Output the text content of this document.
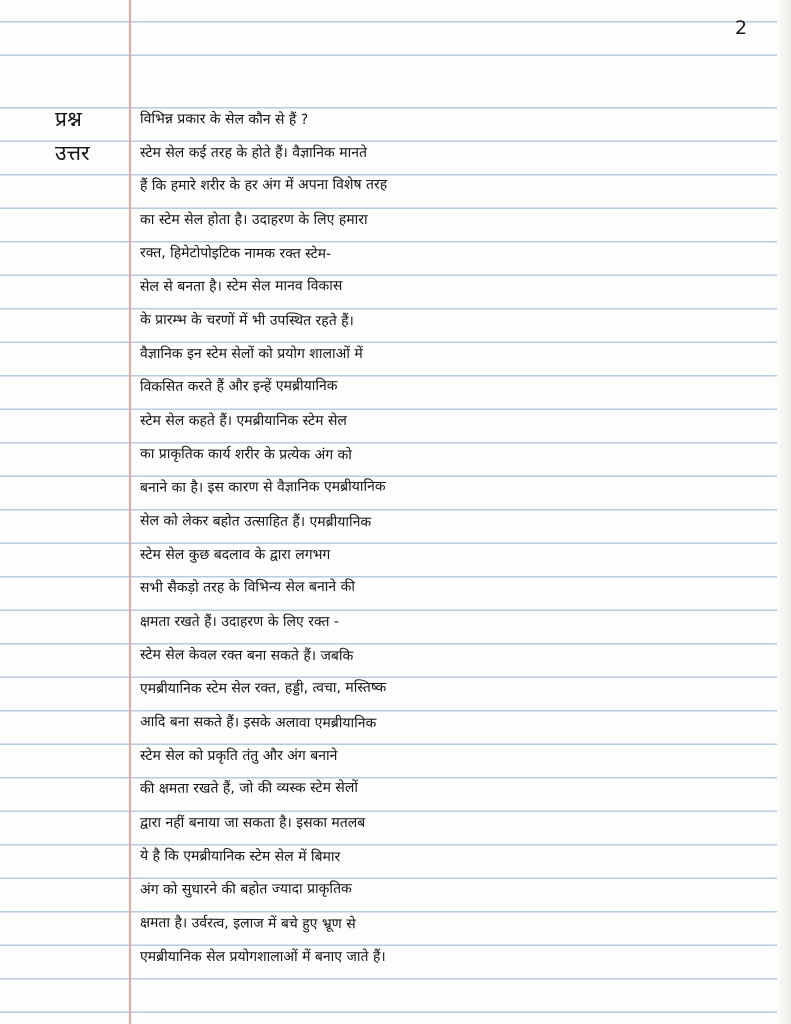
2
प्रश्न
उत्तर
विभिन्न प्रकार के सेल कौन से हैं ?
स्टेम सेल कई तरह के होते हैं। वैज्ञानिक मानते
हैं कि हमारे शरीर के हर अंग में अपना विशेष तरह
का स्टेम सेल होता है। उदाहरण के लिए हमारा
रक्त, हिमेटोपोइटिक नामक रक्त स्टेम-
सेल से बनता है। स्टेम सेल मानव विकास
के प्रारम्भ के चरणों में भी उपस्थित रहते हैं।
वैज्ञानिक इन स्टेम सेलों को प्रयोग शालाओं में
विकसित करते हैं और इन्हें एमब्रीयानिक
स्टेम सेल कहते हैं। एमब्रीयानिक स्टेम सेल
का प्राकृतिक कार्य शरीर के प्रत्येक अंग को
बनाने का है। इस कारण से वैज्ञानिक एमब्रीयानिक
सेल को लेकर बहोत उत्साहित हैं। एमब्रीयानिक
स्टेम सेल कुछ बदलाव के द्वारा लगभग
सभी सैकड़ो तरह के विभिन्य सेल बनाने की
क्षमता रखते हैं। उदाहरण के लिए रक्त -
स्टेम सेल केवल रक्त बना सकते हैं। जबकि
एमब्रीयानिक स्टेम सेल रक्त, हड्डी, त्वचा, मस्तिष्क
आदि बना सकते हैं। इसके अलावा एमब्रीयानिक
स्टेम सेल को प्रकृति तंतु और अंग बनाने
की क्षमता रखते हैं, जो की व्यस्क स्टेम सेलों
द्वारा नहीं बनाया जा सकता है। इसका मतलब
ये है कि एमब्रीयानिक स्टेम सेल में बिमार
अंग को सुधारने की बहोत ज्यादा प्राकृतिक
क्षमता है। उर्वरत्व, इलाज में बचे हुए भ्रूण से
एमब्रीयानिक सेल प्रयोगशालाओं में बनाए जाते हैं।
